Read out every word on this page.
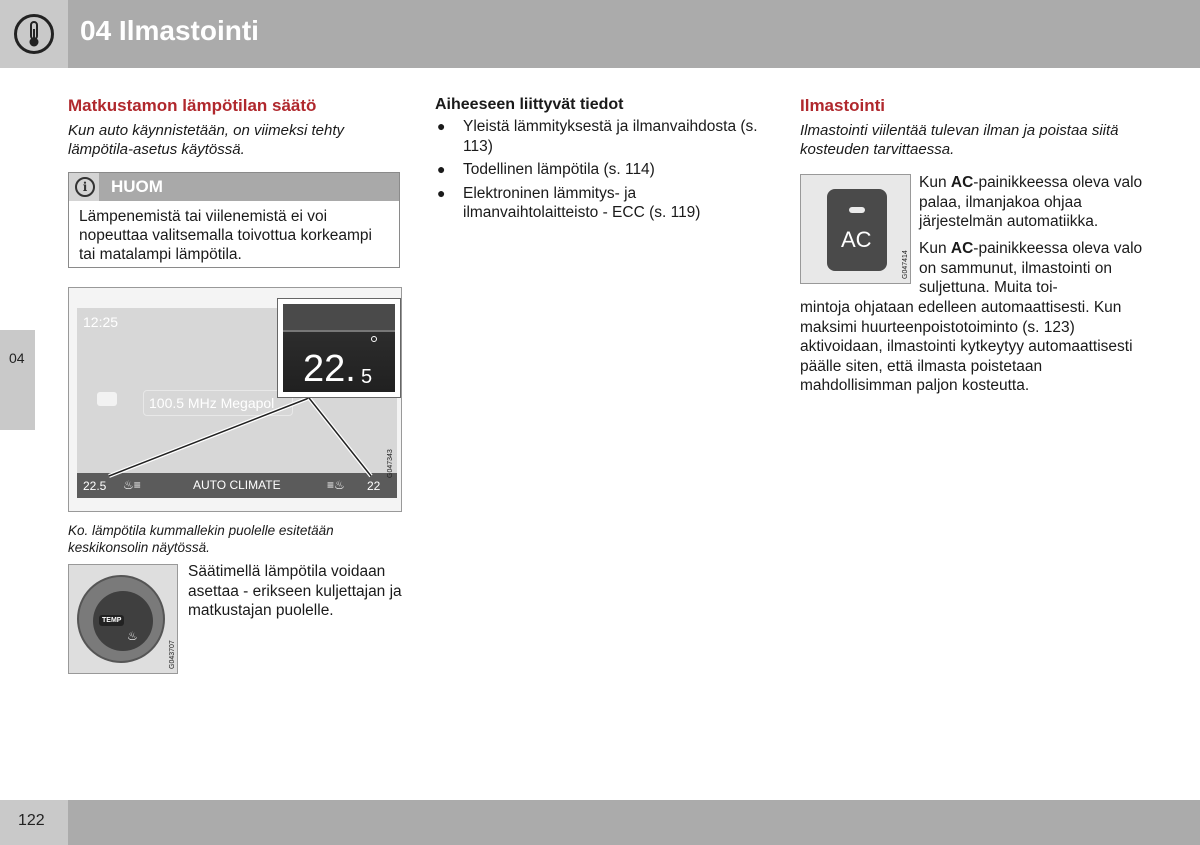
04 Ilmastointi
04
Matkustamon lämpötilan säätö

Kun auto käynnistetään, on viimeksi tehty lämpötila-asetus käytössä.

i	HUOM

Lämpenemistä tai viilenemistä ei voi nopeuttaa valitsemalla toivottua korkeampi tai matalampi lämpötila.

12:25
100.5 MHz Megapol
22.5 ♨≡	AUTO CLIMATE	≡♨ 22
22. 5
G047343

Ko. lämpötila kummallekin puolelle esitetään keskikonsolin näytössä.

TEMP
♨
G043707

Säätimellä lämpötila voidaan asettaa - erikseen kuljettajan ja matkustajan puolelle.

Aiheeseen liittyvät tiedot
● Yleistä lämmityksestä ja ilmanvaihdosta (s. 113)
● Todellinen lämpötila (s. 114)
● Elektroninen lämmitys- ja ilmanvaihtolaitteisto - ECC (s. 119)
Ilmastointi

Ilmastointi viilentää tulevan ilman ja poistaa siitä kosteuden tarvittaessa.

AC
G047414

Kun AC-painikkeessa oleva valo palaa, ilmanjakoa ohjaa järjestelmän automatiikka.

Kun AC-painikkeessa oleva valo on sammunut, ilmastointi on suljettuna. Muita toi-

mintoja ohjataan edelleen automaattisesti. Kun maksimi huurteenpoistotoiminto (s. 123) aktivoidaan, ilmastointi kytkeytyy automaattisesti päälle siten, että ilmasta poistetaan mahdollisimman paljon kosteutta.

122
